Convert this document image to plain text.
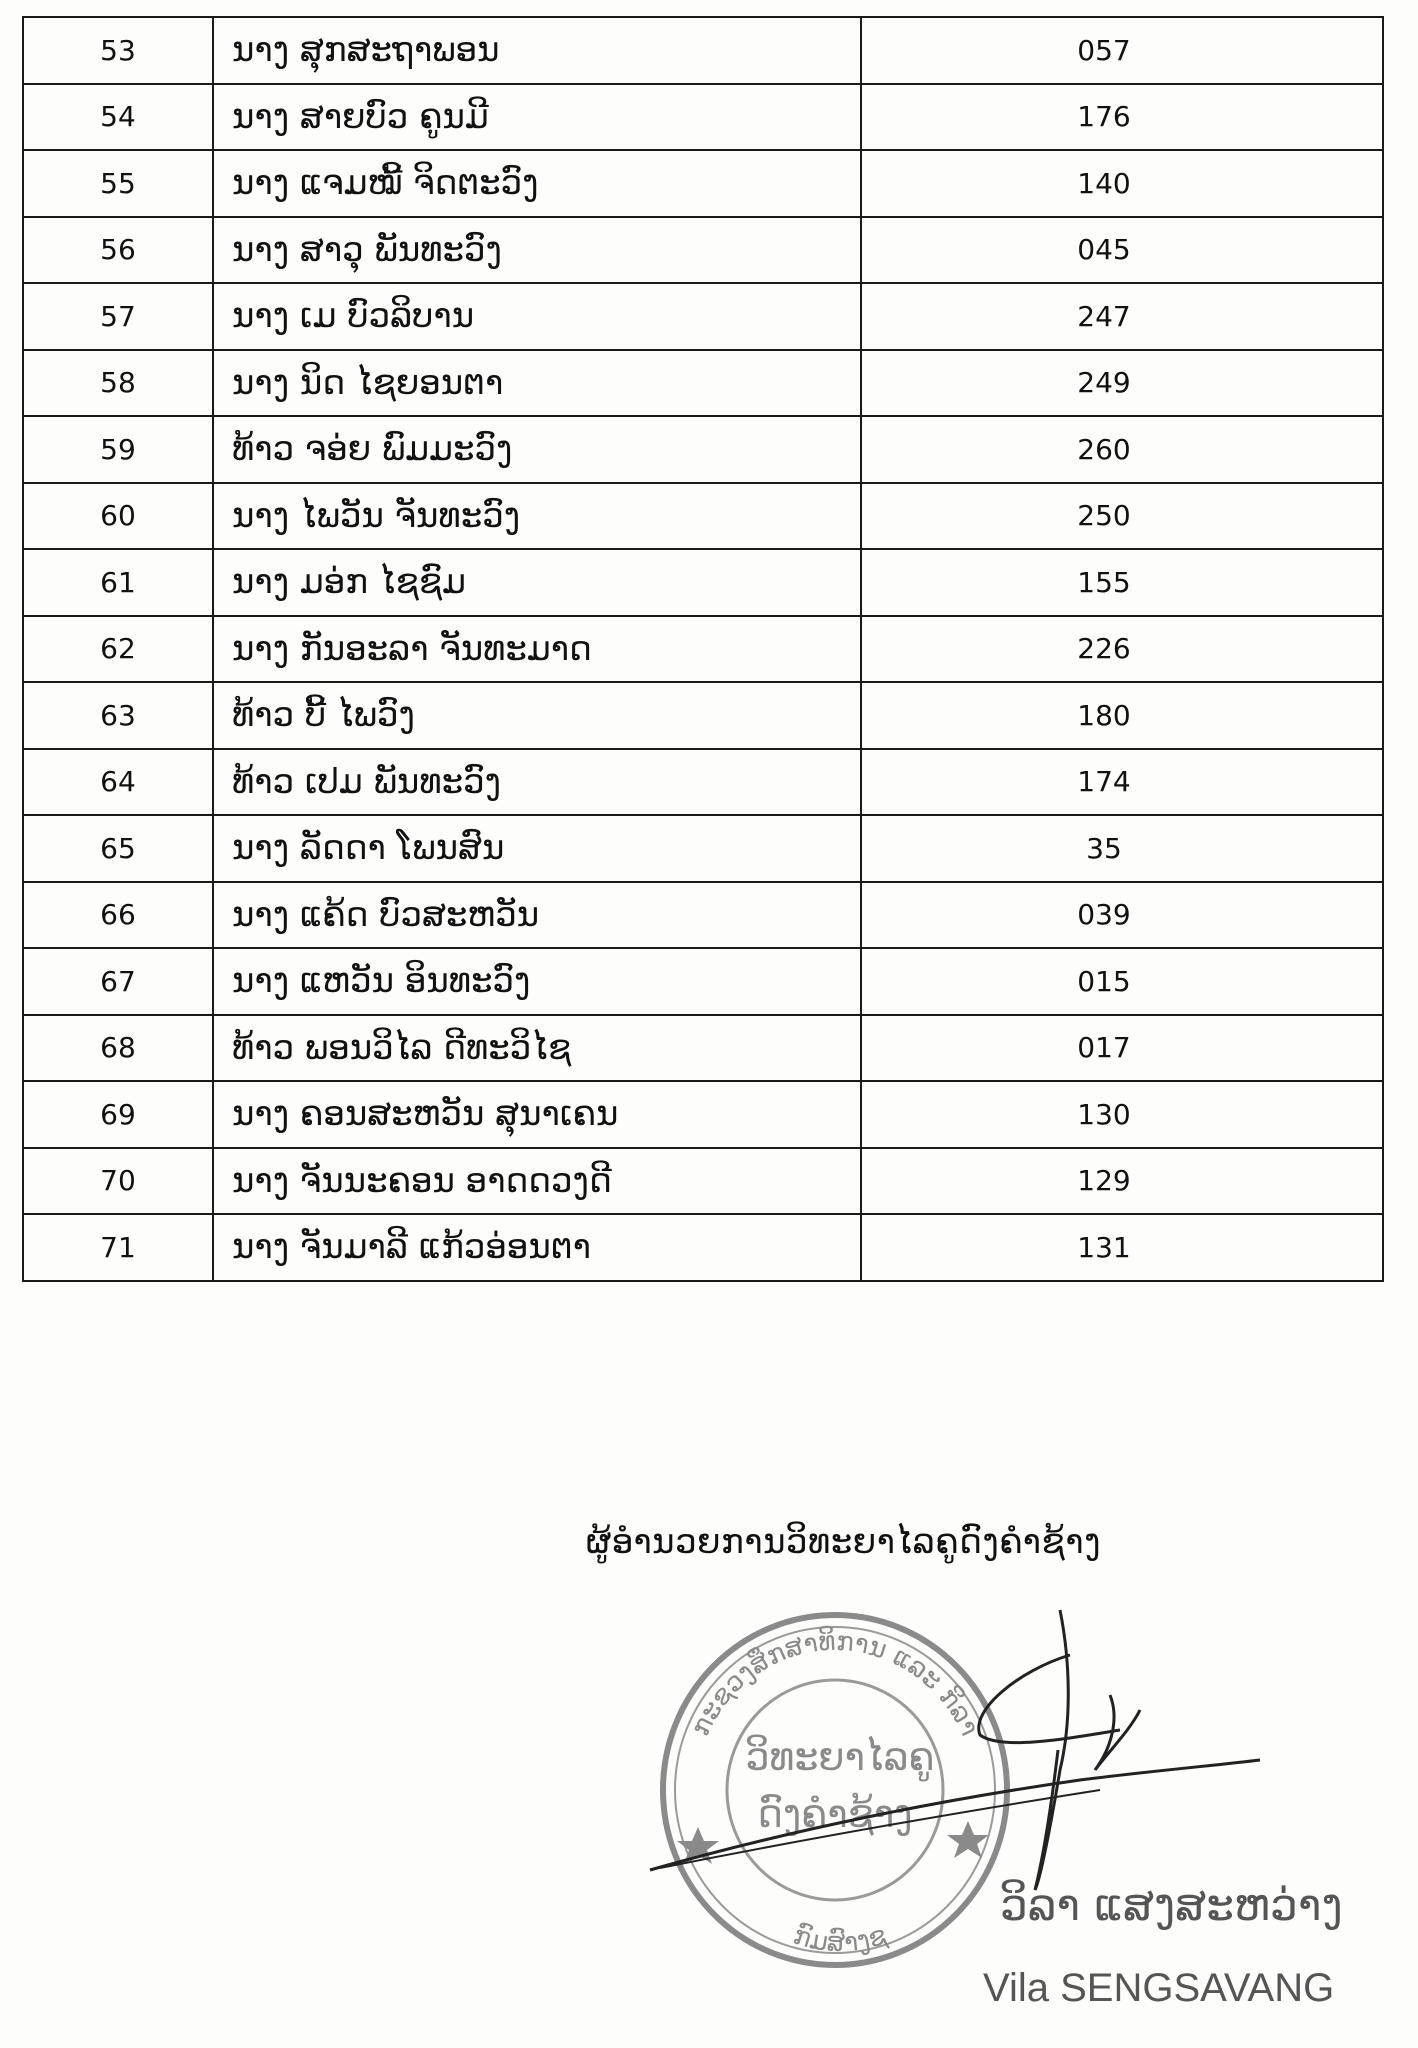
53	ນາງ ສຸກສະຖາພອນ	057
54	ນາງ ສາຍບົວ ຄູນມີ	176
55	ນາງ ແຈມໝີ້ ຈິດຕະວົງ	140
56	ນາງ ສາວຸ ພັນທະວົງ	045
57	ນາງ ເມ ບົວລິບານ	247
58	ນາງ ນິດ ໄຊຍອນຕາ	249
59	ທ້າວ ຈອ່ຍ ພົມມະວົງ	260
60	ນາງ ໄພວັນ ຈັນທະວົງ	250
61	ນາງ ມອ່ກ ໄຊຊົມ	155
62	ນາງ ກັນອະລາ ຈັນທະມາດ	226
63	ທ້າວ ບີ້ ໄພວົງ	180
64	ທ້າວ ເປມ ພັນທະວົງ	174
65	ນາງ ລັດດາ ໂພນສົນ	35
66	ນາງ ແຄ້ດ ບົວສະຫວັນ	039
67	ນາງ ແຫວັນ ອິນທະວົງ	015
68	ທ້າວ ພອນວິໄລ ດີທະວິໄຊ	017
69	ນາງ ຄອນສະຫວັນ ສຸນາເຄນ	130
70	ນາງ ຈັນນະຄອນ ອາດດວງດີ	129
71	ນາງ ຈັນມາລີ ແກ້ວອ່ອນຕາ	131
ຜູ້ອຳນວຍການວິທະຍາໄລຄູດົງຄຳຊ້າງ
ກະຊວງສຶກສາທິການ ແລະ ກິລາ
ວິທະຍາໄລຄູ
ດົງຄຳຊ້າງ
ກົມສົາງຊ
ວິລາ ແສງສະຫວ່າງ
Vila SENGSAVANG
